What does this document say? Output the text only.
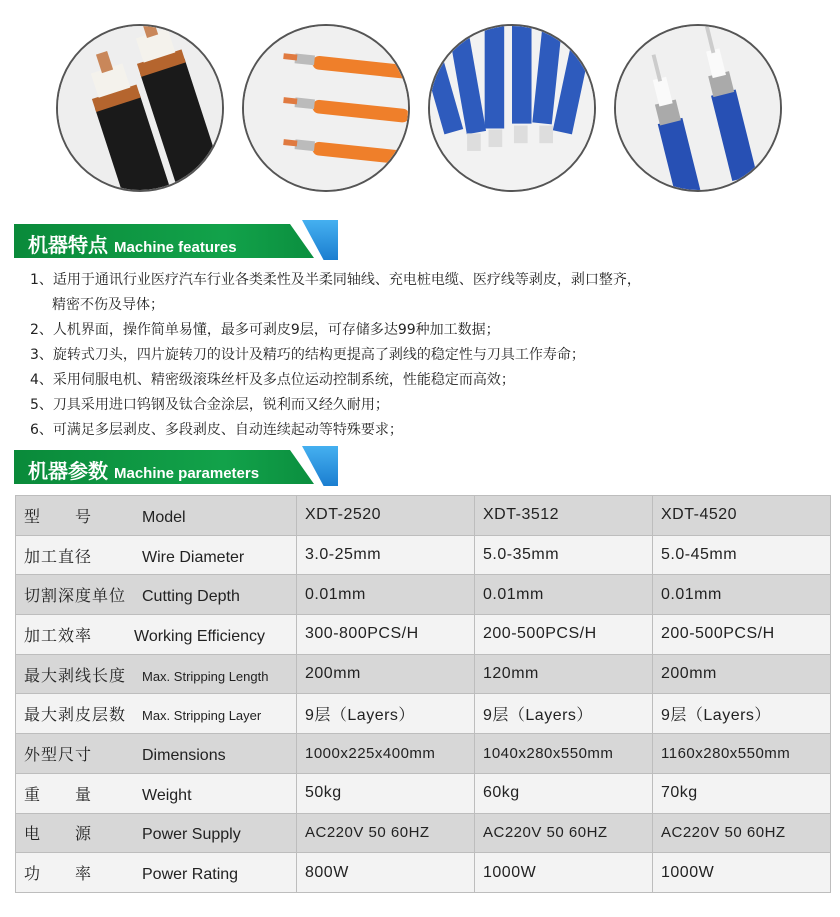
机器特点 Machine features
1、适用于通讯行业医疗汽车行业各类柔性及半柔同轴线、充电桩电缆、医疗线等剥皮，剥口整齐，
精密不伤及导体；
2、人机界面，操作简单易懂，最多可剥皮9层，可存储多达99种加工数据；
3、旋转式刀头，四片旋转刀的设计及精巧的结构更提高了剥线的稳定性与刀具工作寿命；
4、采用伺服电机、精密级滚珠丝杆及多点位运动控制系统，性能稳定而高效；
5、刀具采用进口钨钢及钛合金涂层，锐利而又经久耐用；
6、可满足多层剥皮、多段剥皮、自动连续起动等特殊要求；
机器参数 Machine parameters
型　　号 Model	XDT-2520	XDT-3512	XDT-4520
加工直径 Wire Diameter	3.0-25mm	5.0-35mm	5.0-45mm
切割深度单位 Cutting Depth	0.01mm	0.01mm	0.01mm
加工效率 Working Efficiency	300-800PCS/H	200-500PCS/H	200-500PCS/H
最大剥线长度 Max. Stripping Length	200mm	120mm	200mm
最大剥皮层数 Max. Stripping Layer	9层（Layers）	9层（Layers）	9层（Layers）
外型尺寸 Dimensions	1000x225x400mm	1040x280x550mm	1160x280x550mm
重　　量 Weight	50kg	60kg	70kg
电　　源 Power Supply	AC220V 50 60HZ	AC220V 50 60HZ	AC220V 50 60HZ
功　　率 Power Rating	800W	1000W	1000W
